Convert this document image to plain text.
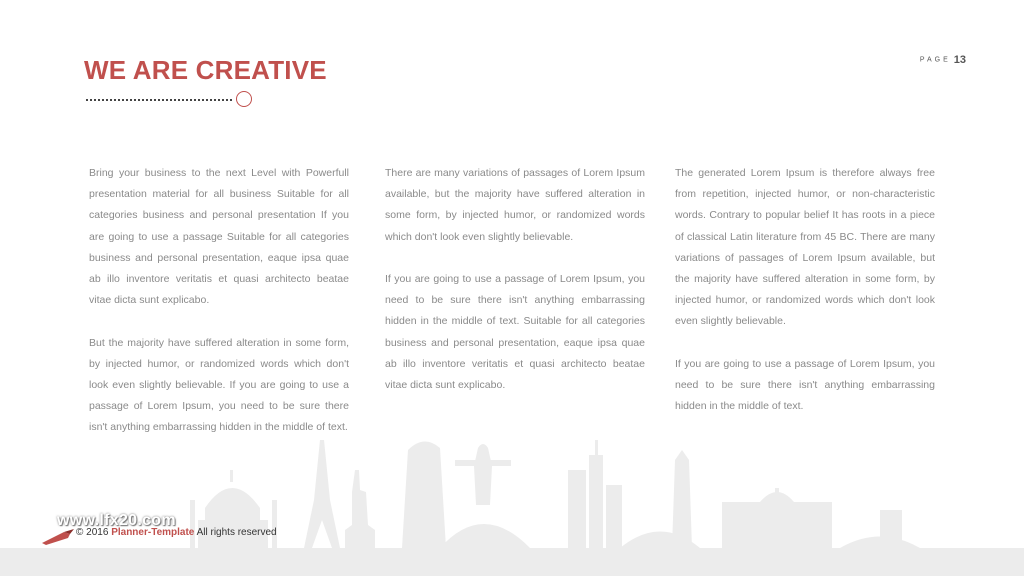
WE ARE CREATIVE	PAGE 13

Bring your business to the next Level with Powerfull presentation material for all business Suitable for all categories business and personal presentation If you are going to use a passage Suitable for all categories business and personal presentation, eaque ipsa quae ab illo inventore veritatis et quasi architecto beatae vitae dicta sunt explicabo.

But the majority have suffered alteration in some form, by injected humor, or randomized words which don't look even slightly believable. If you are going to use a passage of Lorem Ipsum, you need to be sure there isn't anything embarrassing hidden in the middle of text.

There are many variations of passages of Lorem Ipsum available, but the majority have suffered alteration in some form, by injected humor, or randomized words which don't look even slightly believable.

If you are going to use a passage of Lorem Ipsum, you need to be sure there isn't anything embarrassing hidden in the middle of text. Suitable for all categories business and personal presentation, eaque ipsa quae ab illo inventore veritatis et quasi architecto beatae vitae dicta sunt explicabo.

The generated Lorem Ipsum is therefore always free from repetition, injected humor, or non-characteristic words. Contrary to popular belief It has roots in a piece of classical Latin literature from 45 BC. There are many variations of passages of Lorem Ipsum available, but the majority have suffered alteration in some form, by injected humor, or randomized words which don't look even slightly believable.

If you are going to use a passage of Lorem Ipsum, you need to be sure there isn't anything embarrassing hidden in the middle of text.

www.lfx20.com
© 2016 Planner-Template All rights reserved
